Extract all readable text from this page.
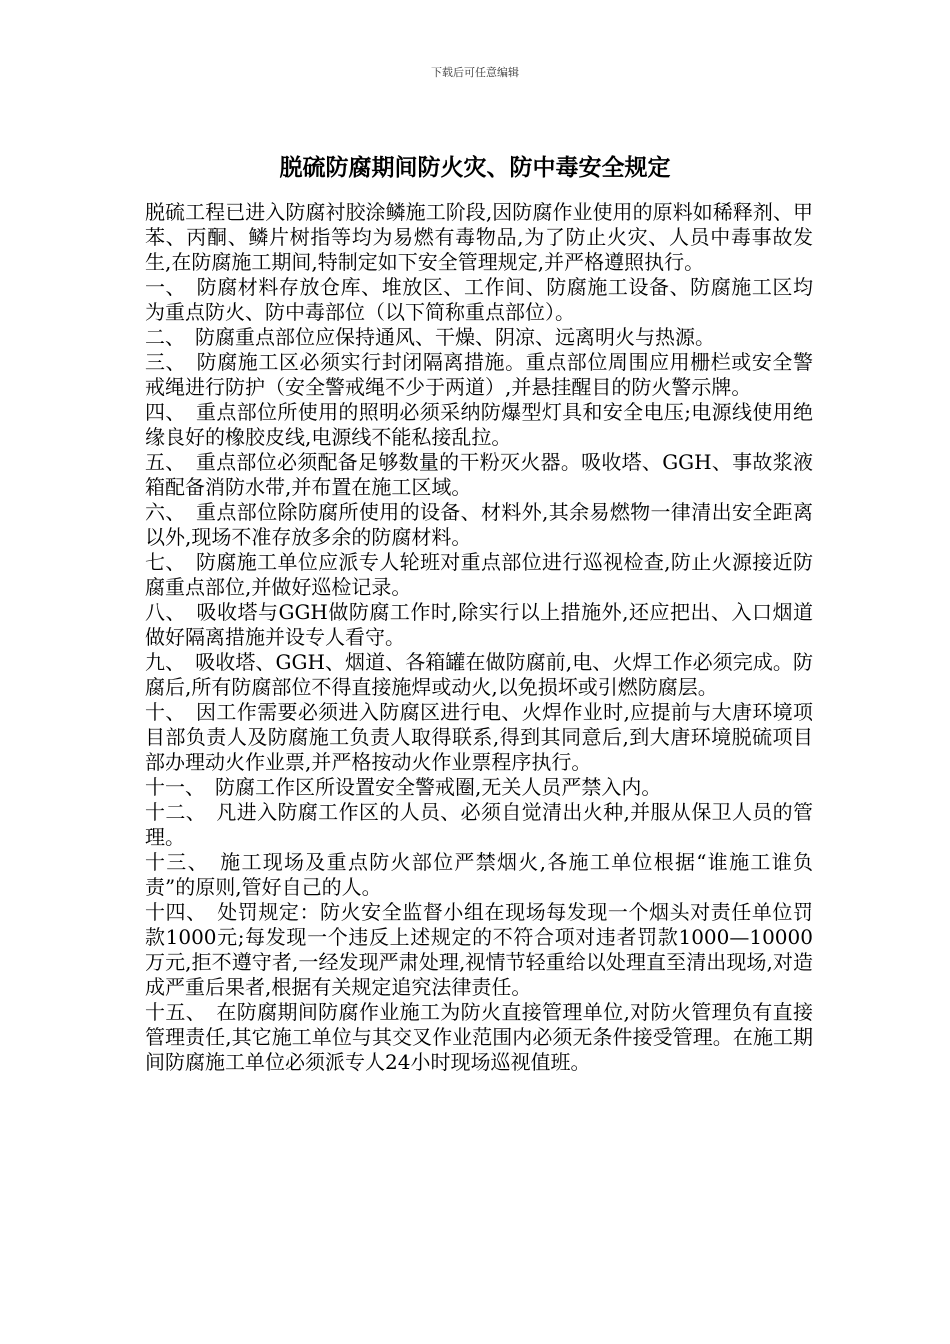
下载后可任意编辑
脱硫防腐期间防火灾、防中毒安全规定

脱硫工程已进入防腐衬胶涂鳞施工阶段,因防腐作业使用的原料如稀释剂、甲苯、丙酮、鳞片树指等均为易燃有毒物品,为了防止火灾、人员中毒事故发生,在防腐施工期间,特制定如下安全管理规定,并严格遵照执行。

一、　防腐材料存放仓库、堆放区、工作间、防腐施工设备、防腐施工区均为重点防火、防中毒部位（以下简称重点部位）。

二、　防腐重点部位应保持通风、干燥、阴凉、远离明火与热源。

三、　防腐施工区必须实行封闭隔离措施。重点部位周围应用栅栏或安全警戒绳进行防护（安全警戒绳不少于两道）,并悬挂醒目的防火警示牌。

四、　重点部位所使用的照明必须采纳防爆型灯具和安全电压;电源线使用绝缘良好的橡胶皮线,电源线不能私接乱拉。

五、　重点部位必须配备足够数量的干粉灭火器。吸收塔、GGH、事故浆液箱配备消防水带,并布置在施工区域。

六、　重点部位除防腐所使用的设备、材料外,其余易燃物一律清出安全距离以外,现场不准存放多余的防腐材料。

七、　防腐施工单位应派专人轮班对重点部位进行巡视检查,防止火源接近防腐重点部位,并做好巡检记录。

八、　吸收塔与GGH做防腐工作时,除实行以上措施外,还应把出、入口烟道做好隔离措施并设专人看守。

九、　吸收塔、GGH、烟道、各箱罐在做防腐前,电、火焊工作必须完成。防腐后,所有防腐部位不得直接施焊或动火,以免损坏或引燃防腐层。

十、　因工作需要必须进入防腐区进行电、火焊作业时,应提前与大唐环境项目部负责人及防腐施工负责人取得联系,得到其同意后,到大唐环境脱硫项目部办理动火作业票,并严格按动火作业票程序执行。

十一、　防腐工作区所设置安全警戒圈,无关人员严禁入内。

十二、　凡进入防腐工作区的人员、必须自觉清出火种,并服从保卫人员的管理。

十三、　施工现场及重点防火部位严禁烟火,各施工单位根据“谁施工谁负责”的原则,管好自己的人。

十四、　处罚规定：防火安全监督小组在现场每发现一个烟头对责任单位罚款1000元;每发现一个违反上述规定的不符合项对违者罚款1000—10000万元,拒不遵守者,一经发现严肃处理,视情节轻重给以处理直至清出现场,对造成严重后果者,根据有关规定追究法律责任。

十五、　在防腐期间防腐作业施工为防火直接管理单位,对防火管理负有直接管理责任,其它施工单位与其交叉作业范围内必须无条件接受管理。在施工期间防腐施工单位必须派专人24小时现场巡视值班。
